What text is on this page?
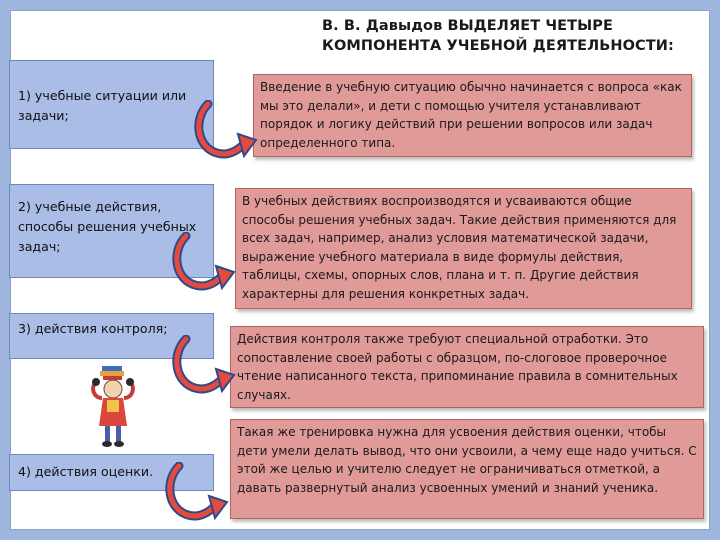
В. В. Давыдов ВЫДЕЛЯЕТ ЧЕТЫРЕ
КОМПОНЕНТА УЧЕБНОЙ ДЕЯТЕЛЬНОСТИ:
1) учебные ситуации или задачи;
2) учебные действия, способы решения учебных задач;
3) действия контроля;
4) действия оценки.
Введение в учебную ситуацию обычно начинается с вопроса «как мы это делали», и дети с помощью учителя устанавливают порядок и логику действий при решении вопросов или задач определенного типа.
В учебных действиях воспроизводятся и усваиваются общие способы решения учебных задач. Такие действия применяются для всех задач, например, анализ условия математической задачи, выражение учебного материала в виде формулы действия, таблицы, схемы, опорных слов, плана и т. п. Другие действия характерны для решения конкретных задач.
Действия контроля также требуют специальной отработки. Это сопоставление своей работы с образцом, по-слоговое проверочное чтение написанного текста, припоминание правила в сомнительных случаях.
Такая же тренировка нужна для усвоения действия оценки, чтобы дети умели делать вывод, что они усвоили, а чему еще надо учиться. С этой же целью и учителю следует не ограничиваться отметкой, а давать развернутый анализ усвоенных умений и знаний ученика.
